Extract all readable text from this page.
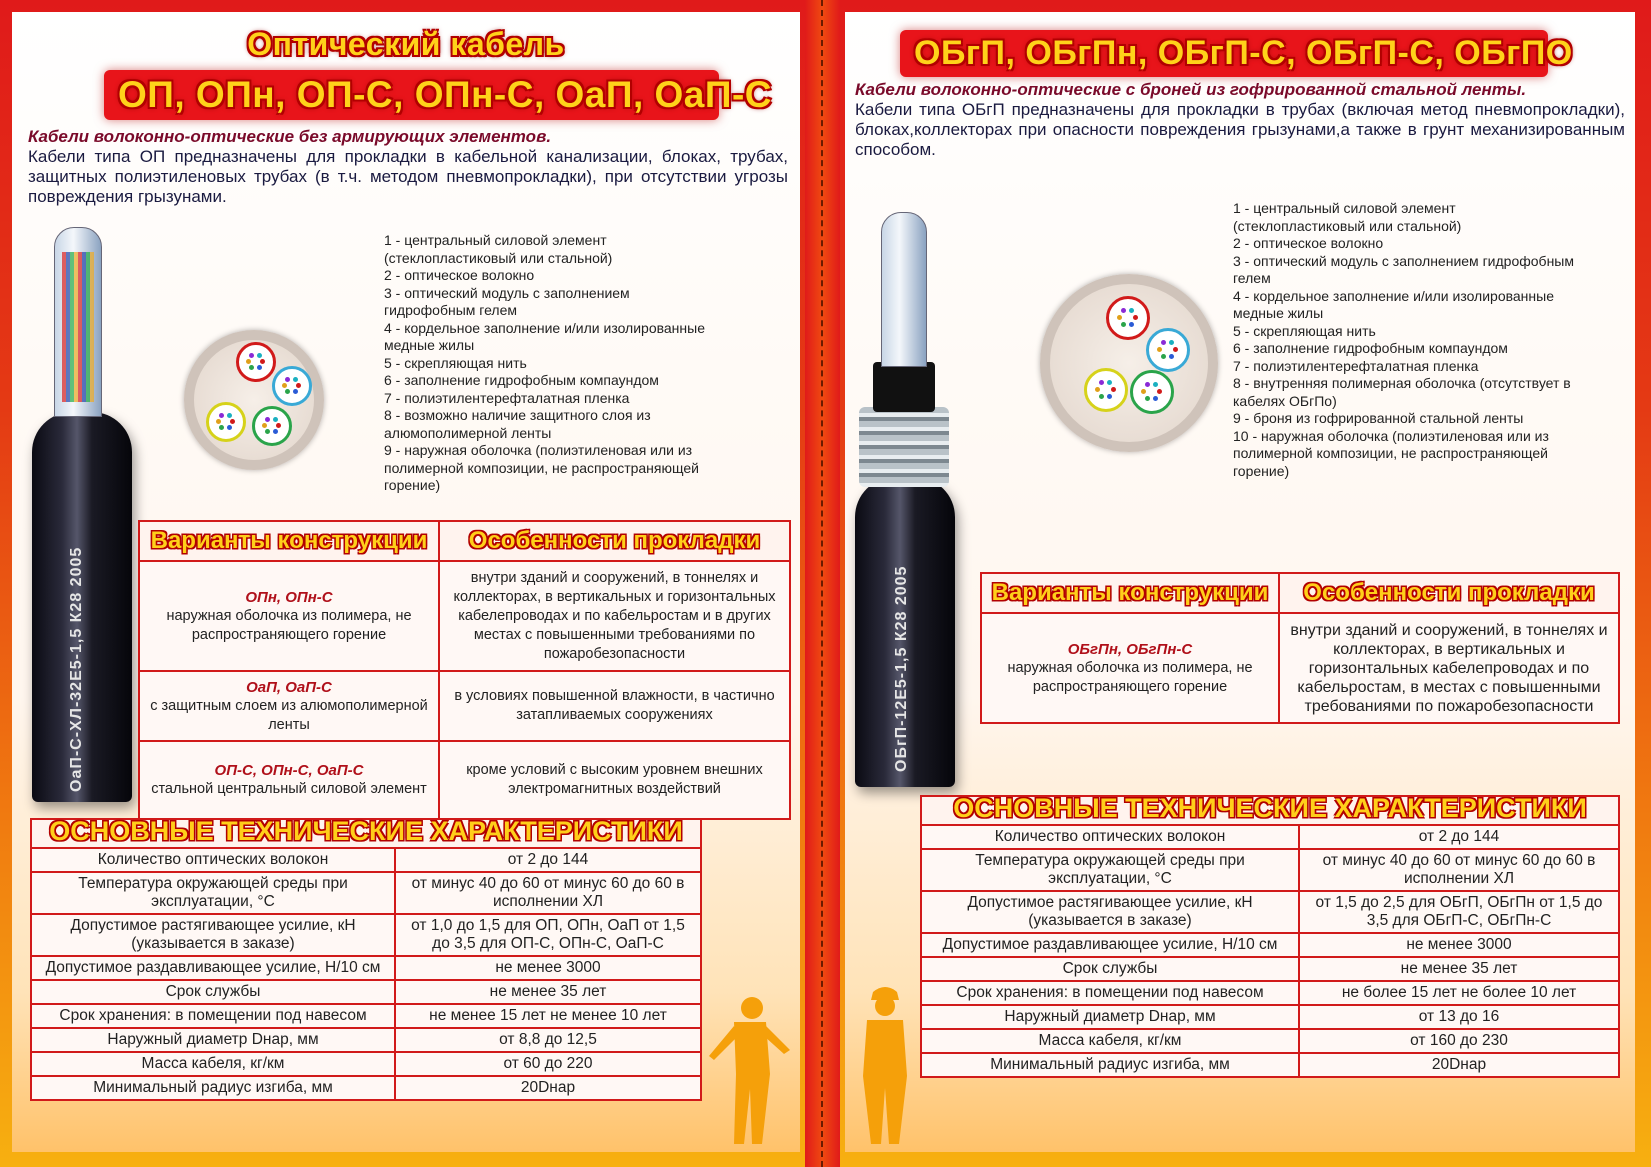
Оптический кабель
ОП, ОПн, ОП-С, ОПн-С, ОаП, ОаП-С
Кабели волоконно-оптические без армирующих элементов.
Кабели типа ОП предназначены для прокладки в кабельной канализации, блоках, трубах, защитных полиэтиленовых трубах (в т.ч. методом пневмопрокладки), при отсутствии угрозы повреждения грызунами.
ОаП-С-ХЛ-32Е5-1,5 К28 2005
1 - центральный силовой элемент (стеклопластиковый или стальной)
2 - оптическое волокно
3 - оптический модуль с заполнением гидрофобным гелем
4 - кордельное заполнение и/или изолированные медные жилы
5 - скрепляющая нить
6 - заполнение гидрофобным компаундом
7 - полиэтилентерефталатная пленка
8 - возможно наличие защитного слоя из алюмополимерной ленты
9 - наружная оболочка (полиэтиленовая или из полимерной композиции, не распространяющей горение)
Варианты конструкции	Особенности прокладки

ОПн, ОПн-С
наружная оболочка из полимера, не распространяющего горение	внутри зданий и сооружений, в тоннелях и коллекторах, в вертикальных и горизонтальных кабелепроводах и по кабельростам и в других местах с повышенными требованиями по пожаробезопасности

ОаП, ОаП-С
с защитным слоем из алюмополимерной ленты	в условиях повышенной влажности, в частично затапливаемых сооружениях

ОП-С, ОПн-С, ОаП-С
стальной центральный силовой элемент	кроме условий с высоким уровнем внешних электромагнитных воздействий
ОСНОВНЫЕ ТЕХНИЧЕСКИЕ ХАРАКТЕРИСТИКИ	
Количество оптических волокон	от 2 до 144
Температура окружающей среды при эксплуатации, °С	от минус 40 до 60 от минус 60 до 60 в исполнении ХЛ
Допустимое растягивающее усилие, кН (указывается в заказе)	от 1,0 до 1,5 для ОП, ОПн, ОаП от 1,5 до 3,5 для ОП-С, ОПн-С, ОаП-С
Допустимое раздавливающее усилие, Н/10 см	не менее 3000
Срок службы	не менее 35 лет
Срок хранения: в помещении под навесом	не менее 15 лет не менее 10 лет
Наружный диаметр Dнар, мм	от 8,8 до 12,5
Масса кабеля, кг/км	от 60 до 220
Минимальный радиус изгиба, мм	20Dнар
ОБгП, ОБгПн, ОБгП-С, ОБгП-С, ОБгПО
Кабели волоконно-оптические с броней из гофрированной стальной ленты.
Кабели типа ОБгП предназначены для прокладки в трубах (включая метод пневмопрокладки), блоках,коллекторах при опасности повреждения грызунами,а также в грунт механизированным способом.
ОБгП-12Е5-1,5 К28 2005
1 - центральный силовой элемент (стеклопластиковый или стальной)
2 - оптическое волокно
3 - оптический модуль с заполнением гидрофобным гелем
4 - кордельное заполнение и/или изолированные медные жилы
5 - скрепляющая нить
6 - заполнение гидрофобным компаундом
7 - полиэтилентерефталатная пленка
8 - внутренняя полимерная оболочка (отсутствует в кабелях ОБгПо)
9 - броня из гофрированной стальной ленты
10 - наружная оболочка (полиэтиленовая или из полимерной композиции, не распространяющей горение)
Варианты конструкции	Особенности прокладки

ОБгПн, ОБгПн-С
наружная оболочка из полимера, не распространяющего горение	внутри зданий и сооружений, в тоннелях и коллекторах, в вертикальных и горизонтальных кабелепроводах и по кабельростам, в местах с повышенными требованиями по пожаробезопасности
ОСНОВНЫЕ ТЕХНИЧЕСКИЕ ХАРАКТЕРИСТИКИ	
Количество оптических волокон	от 2 до 144
Температура окружающей среды при эксплуатации, °С	от минус 40 до 60 от минус 60 до 60 в исполнении ХЛ
Допустимое растягивающее усилие, кН (указывается в заказе)	от 1,5 до 2,5 для ОБгП, ОБгПн от 1,5 до 3,5 для ОБгП-С, ОБгПн-С
Допустимое раздавливающее усилие, Н/10 см	не менее 3000
Срок службы	не менее 35 лет
Срок хранения: в помещении под навесом	не более 15 лет не более 10 лет
Наружный диаметр Dнар, мм	от 13 до 16
Масса кабеля, кг/км	от 160 до 230
Минимальный радиус изгиба, мм	20Dнар
